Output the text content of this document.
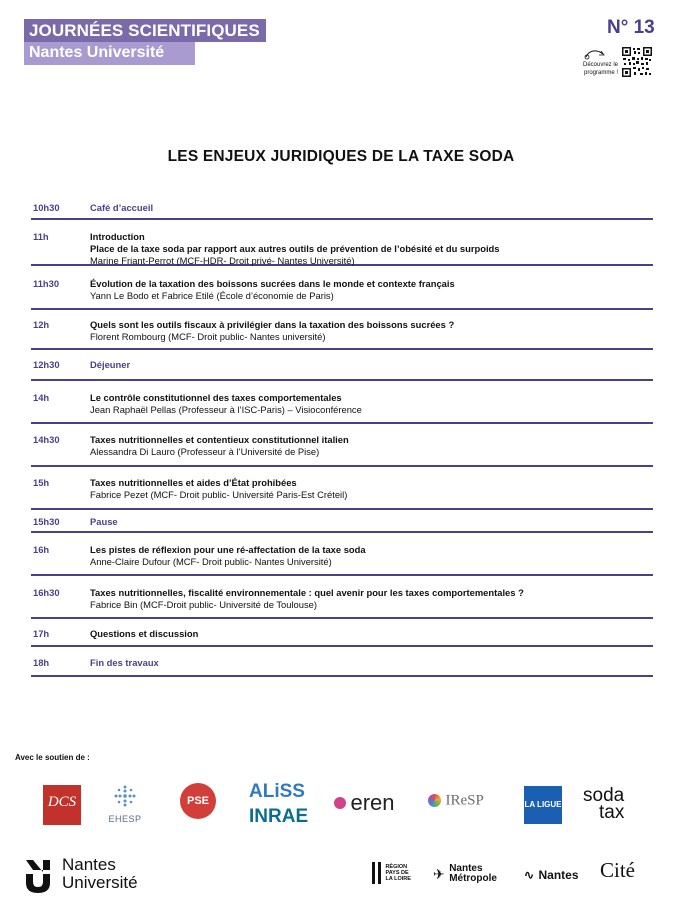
JOURNÉES SCIENTIFIQUES
Nantes Université
N° 13
Découvrez le programme !
LES ENJEUX JURIDIQUES DE LA TAXE SODA
10h30	Café d’accueil
11h	Introduction
Place de la taxe soda par rapport aux autres outils de prévention de l’obésité et du surpoids
Marine Friant-Perrot (MCF-HDR- Droit privé- Nantes Université)
11h30	Évolution de la taxation des boissons sucrées dans le monde et contexte français
Yann Le Bodo et Fabrice Etilé (École d’économie de Paris)
12h	Quels sont les outils fiscaux à privilégier dans la taxation des boissons sucrées ?
Florent Rombourg (MCF- Droit public- Nantes université)
12h30	Déjeuner
14h	Le contrôle constitutionnel des taxes comportementales
Jean Raphaël Pellas (Professeur à l’ISC-Paris) – Visioconférence
14h30	Taxes nutritionnelles et contentieux constitutionnel italien
Alessandra Di Lauro (Professeur à l’Université de Pise)
15h	Taxes nutritionnelles et aides d’État prohibées
Fabrice Pezet (MCF- Droit public- Université Paris-Est Créteil)
15h30	Pause
16h	Les pistes de réflexion pour une ré-affectation de la taxe soda
Anne-Claire Dufour (MCF- Droit public- Nantes Université)
16h30	Taxes nutritionnelles, fiscalité environnementale : quel avenir pour les taxes comportementales ?
Fabrice Bin (MCF-Droit public- Université de Toulouse)
17h	Questions et discussion
18h	Fin des travaux
Avec le soutien de :
DCS
EHESP
PSE	ALiSS
INRAE
eren	IReSP	LA LIGUE soda
tax
Nantes
Université
RÉGION PAYS DE LA LOIRE	✈ Nantes
Métropole ∿ Nantes Cité
